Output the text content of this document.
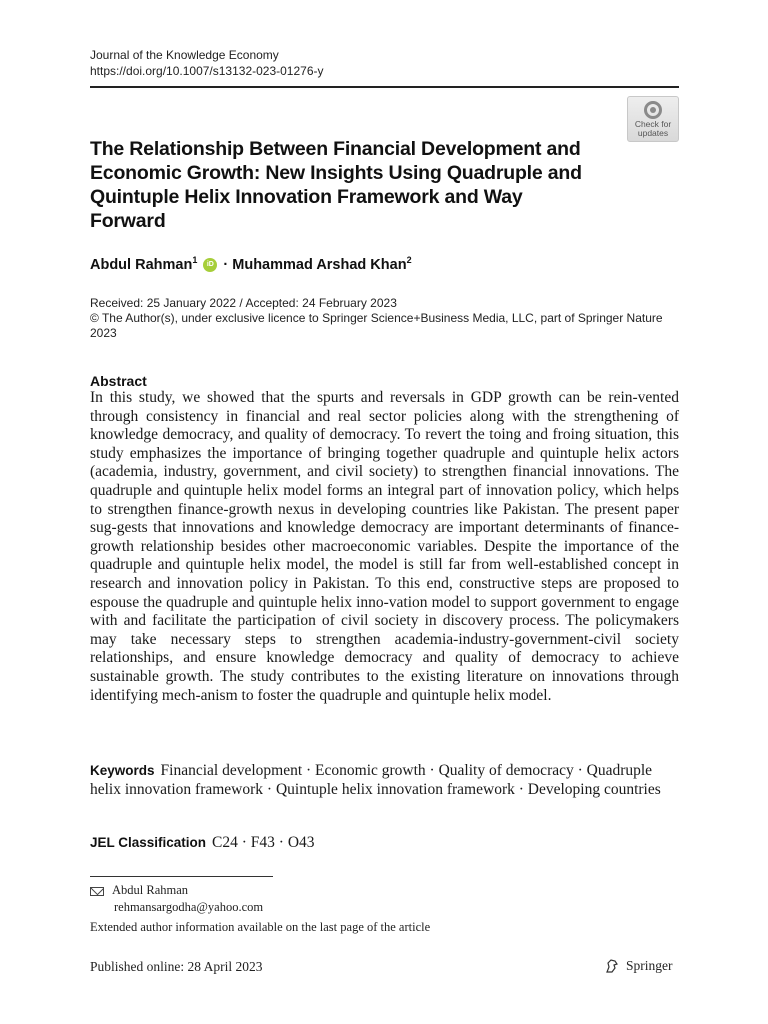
Journal of the Knowledge Economy
https://doi.org/10.1007/s13132-023-01276-y
Check for
updates
The Relationship Between Financial Development and Economic Growth: New Insights Using Quadruple and Quintuple Helix Innovation Framework and Way Forward
Abdul Rahman$^1$ iD · Muhammad Arshad Khan$^2$
Received: 25 January 2022 / Accepted: 24 February 2023
© The Author(s), under exclusive licence to Springer Science+Business Media, LLC, part of Springer Nature 2023
Abstract
In this study, we showed that the spurts and reversals in GDP growth can be rein-vented through consistency in financial and real sector policies along with the strengthening of knowledge democracy, and quality of democracy. To revert the toing and froing situation, this study emphasizes the importance of bringing together quadruple and quintuple helix actors (academia, industry, government, and civil society) to strengthen financial innovations. The quadruple and quintuple helix model forms an integral part of innovation policy, which helps to strengthen finance-growth nexus in developing countries like Pakistan. The present paper sug-gests that innovations and knowledge democracy are important determinants of finance-growth relationship besides other macroeconomic variables. Despite the importance of the quadruple and quintuple helix model, the model is still far from well-established concept in research and innovation policy in Pakistan. To this end, constructive steps are proposed to espouse the quadruple and quintuple helix inno-vation model to support government to engage with and facilitate the participation of civil society in discovery process. The policymakers may take necessary steps to strengthen academia-industry-government-civil society relationships, and ensure knowledge democracy and quality of democracy to achieve sustainable growth. The study contributes to the existing literature on innovations through identifying mech-anism to foster the quadruple and quintuple helix model.
Keywords Financial development · Economic growth · Quality of democracy · Quadruple helix innovation framework · Quintuple helix innovation framework · Developing countries
JEL Classification C24 · F43 · O43
Abdul Rahman
rehmansargodha@yahoo.com
Extended author information available on the last page of the article
Published online: 28 April 2023	Springer
